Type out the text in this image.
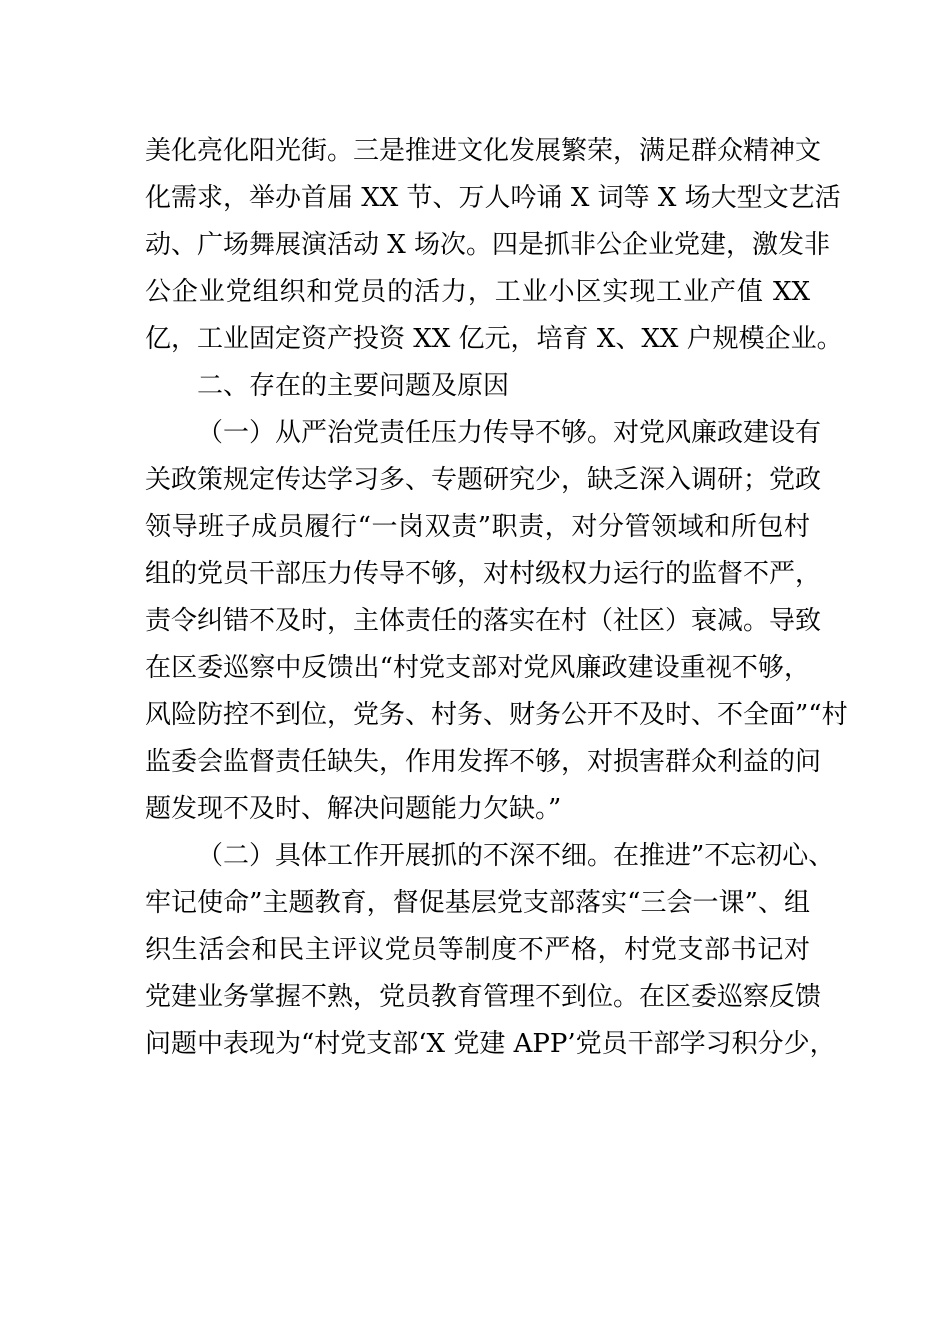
美化亮化阳光街。三是推进文化发展繁荣，满足群众精神文
化需求，举办首届 XX 节、万人吟诵 X 词等 X 场大型文艺活
动、广场舞展演活动 X 场次。四是抓非公企业党建，激发非
公企业党组织和党员的活力，工业小区实现工业产值 XX
亿，工业固定资产投资 XX 亿元，培育 X、XX 户规模企业。
二、存在的主要问题及原因
（一）从严治党责任压力传导不够。对党风廉政建设有
关政策规定传达学习多、专题研究少，缺乏深入调研；党政
领导班子成员履行“一岗双责”职责，对分管领域和所包村
组的党员干部压力传导不够，对村级权力运行的监督不严，
责令纠错不及时，主体责任的落实在村（社区）衰减。导致
在区委巡察中反馈出“村党支部对党风廉政建设重视不够，
风险防控不到位，党务、村务、财务公开不及时、不全面”“村
监委会监督责任缺失，作用发挥不够，对损害群众利益的问
题发现不及时、解决问题能力欠缺。”
（二）具体工作开展抓的不深不细。在推进”不忘初心、
牢记使命”主题教育，督促基层党支部落实“三会一课”、组
织生活会和民主评议党员等制度不严格，村党支部书记对
党建业务掌握不熟，党员教育管理不到位。在区委巡察反馈
问题中表现为“村党支部‘X 党建 APP’党员干部学习积分少，
